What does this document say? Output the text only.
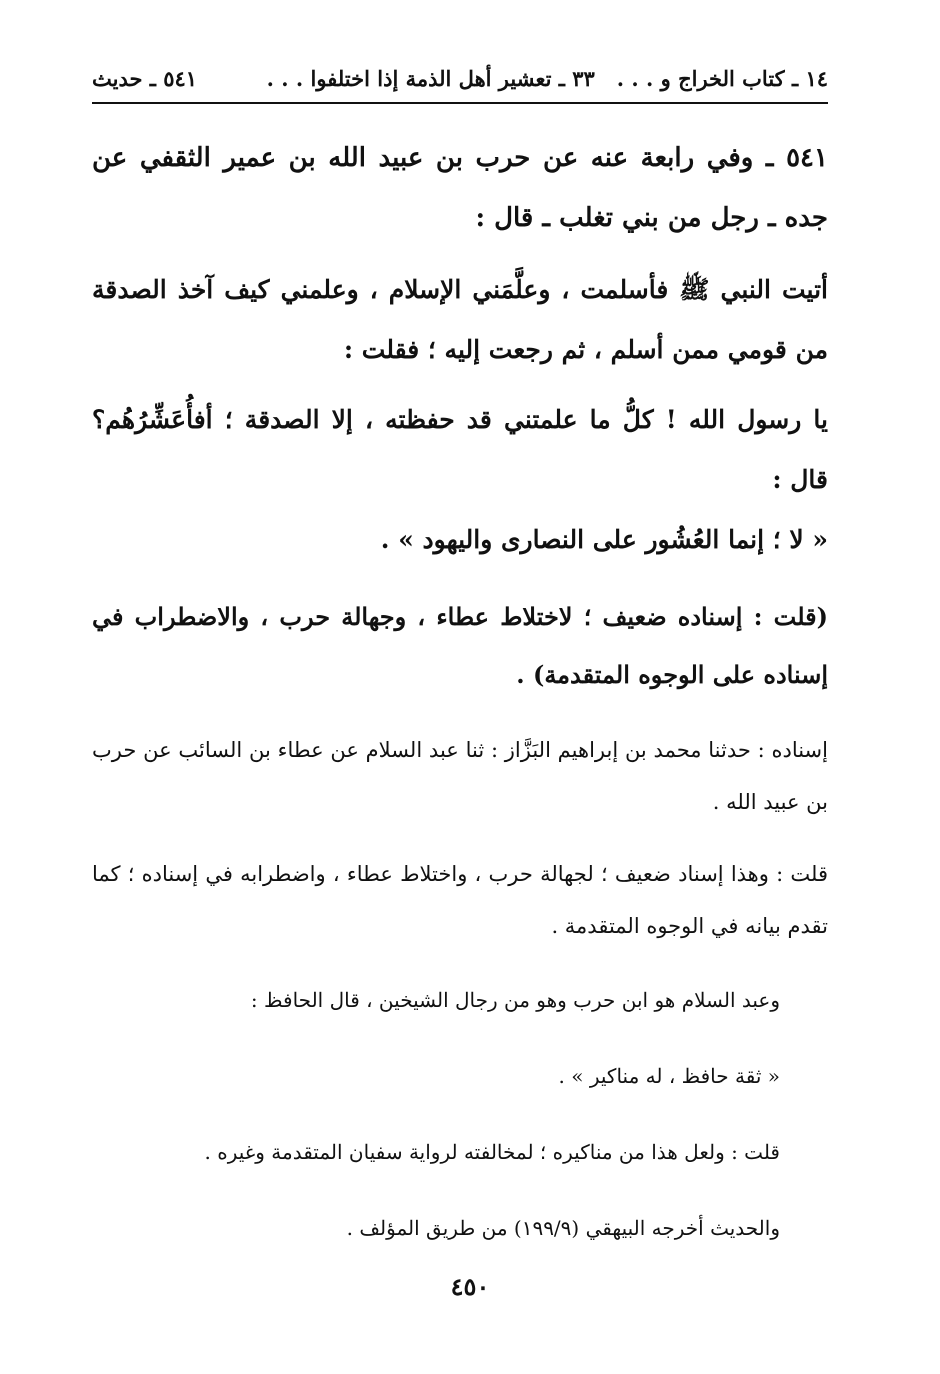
١٤ ـ كتاب الخراج و . . .٣٣ ـ تعشير أهل الذمة إذا اختلفوا . . .
٥٤١ ـ حديث

٥٤١ ـ وفي رابعة عنه عن حرب بن عبيد الله بن عمير الثقفي عن جده ـ رجل من بني تغلب ـ قال :

أتيت النبي ﷺ فأسلمت ، وعلَّمَني الإسلام ، وعلمني كيف آخذ الصدقة من قومي ممن أسلم ، ثم رجعت إليه ؛ فقلت :

يا رسول الله ! كلُّ ما علمتني قد حفظته ، إلا الصدقة ؛ أفأُعَشِّرُهُم؟ قال :

« لا ؛ إنما العُشُور على النصارى واليهود » .

(قلت : إسناده ضعيف ؛ لاختلاط عطاء ، وجهالة حرب ، والاضطراب في إسناده على الوجوه المتقدمة) .

إسناده : حدثنا محمد بن إبراهيم البَزَّاز : ثنا عبد السلام عن عطاء بن السائب عن حرب بن عبيد الله .

قلت : وهذا إسناد ضعيف ؛ لجهالة حرب ، واختلاط عطاء ، واضطرابه في إسناده ؛ كما تقدم بيانه في الوجوه المتقدمة .

وعبد السلام هو ابن حرب وهو من رجال الشيخين ، قال الحافظ :

« ثقة حافظ ، له مناكير » .

قلت : ولعل هذا من مناكيره ؛ لمخالفته لرواية سفيان المتقدمة وغيره .

والحديث أخرجه البيهقي (١٩٩/٩) من طريق المؤلف .

٤٥٠
